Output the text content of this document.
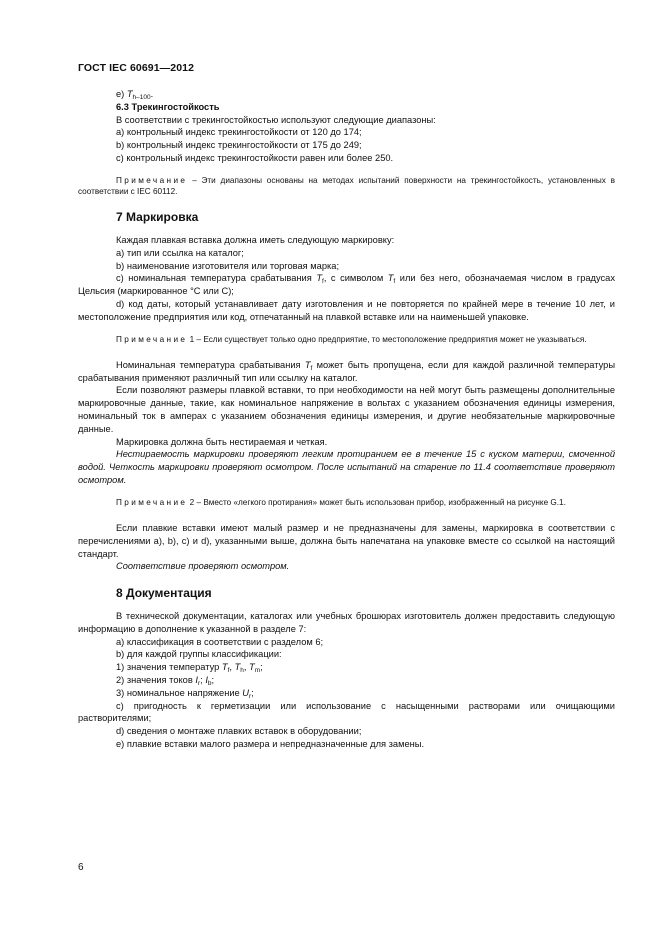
ГОСТ IEC 60691—2012

e) $T_{h-100}$.

6.3 Трекингостойкость

В соответствии с трекингостойкостью используют следующие диапазоны:

a) контрольный индекс трекингостойкости от 120 до 174;

b) контрольный индекс трекингостойкости от 175 до 249;

c) контрольный индекс трекингостойкости равен или более 250.

Примечание – Эти диапазоны основаны на методах испытаний поверхности на трекингостойкость, установленных в соответствии с IEC 60112.

7 Маркировка

Каждая плавкая вставка должна иметь следующую маркировку:

a) тип или ссылка на каталог;

b) наименование изготовителя или торговая марка;

c) номинальная температура срабатывания $T_f$, с символом $T_f$ или без него, обозначаемая числом в градусах Цельсия (маркированное °C или C);

d) код даты, который устанавливает дату изготовления и не повторяется по крайней мере в течение 10 лет, и местоположение предприятия или код, отпечатанный на плавкой вставке или на наименьшей упаковке.

Примечание 1 – Если существует только одно предприятие, то местоположение предприятия может не указываться.

Номинальная температура срабатывания $T_f$ может быть пропущена, если для каждой различной температуры срабатывания применяют различный тип или ссылку на каталог.

Если позволяют размеры плавкой вставки, то при необходимости на ней могут быть размещены дополнительные маркировочные данные, такие, как номинальное напряжение в вольтах с указанием обозначения единицы измерения, номинальный ток в амперах с указанием обозначения единицы измерения, и другие необязательные маркировочные данные.

Маркировка должна быть нестираемая и четкая.

Нестираемость маркировки проверяют легким протиранием ее в течение 15 с куском материи, смоченной водой. Четкость маркировки проверяют осмотром. После испытаний на старение по 11.4 соответствие проверяют осмотром.

Примечание 2 – Вместо «легкого протирания» может быть использован прибор, изображенный на рисунке G.1.

Если плавкие вставки имеют малый размер и не предназначены для замены, маркировка в соответствии с перечислениями a), b), c) и d), указанными выше, должна быть напечатана на упаковке вместе со ссылкой на настоящий стандарт.

Соответствие проверяют осмотром.

8 Документация

В технической документации, каталогах или учебных брошюрах изготовитель должен предоставить следующую информацию в дополнение к указанной в разделе 7:

a) классификация в соответствии с разделом 6;

b) для каждой группы классификации:

1) значения температур $T_f$, $T_h$, $T_m$;

2) значения токов $I_r$; $I_b$;

3) номинальное напряжение $U_r$;

c) пригодность к герметизации или использование с насыщенными растворами или очищающими растворителями;

d) сведения о монтаже плавких вставок в оборудовании;

e) плавкие вставки малого размера и непредназначенные для замены.

6
